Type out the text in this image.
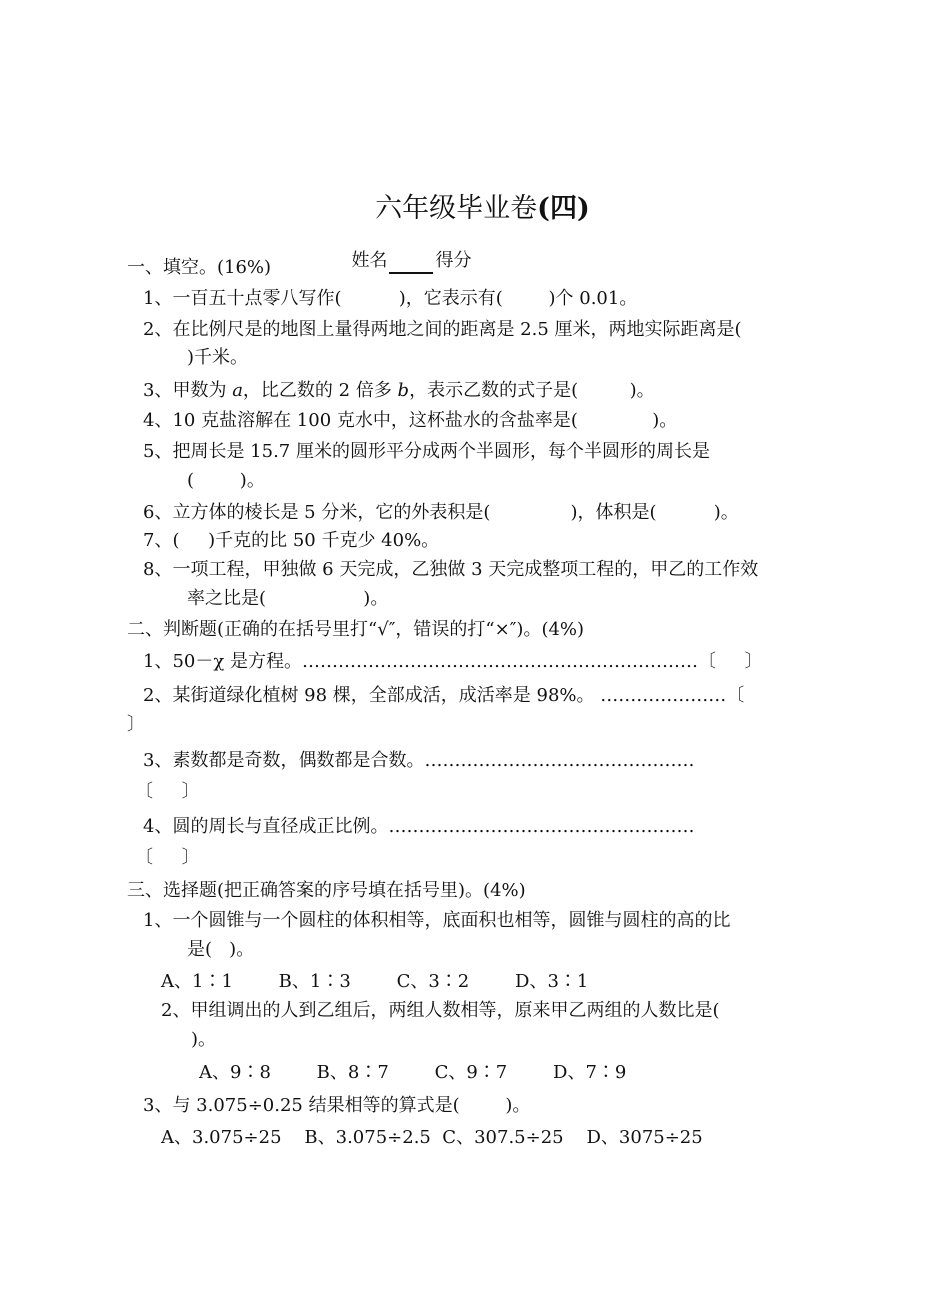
六年级毕业卷(四)

姓名	得分

一、填空。(16%)
1、一百五十点零八写作(          )，它表示有(        )个 0.01。
2、在比例尺是的地图上量得两地之间的距离是 2.5 厘米，两地实际距离是(
)千米。
3、甲数为 a，比乙数的 2 倍多 b，表示乙数的式子是(         )。
4、10 克盐溶解在 100 克水中，这杯盐水的含盐率是(             )。
5、把周长是 15.7 厘米的圆形平分成两个半圆形，每个半圆形的周长是
(        )。
6、立方体的棱长是 5 分米，它的外表积是(              )，体积是(          )。
7、(     )千克的比 50 千克少 40%。
8、一项工程，甲独做 6 天完成，乙独做 3 天完成整项工程的，甲乙的工作效
率之比是(                 )。
二、判断题(正确的在括号里打“√″，错误的打“×″)。(4%)
1、50－χ 是方程。…………………………………………………………〔     〕
2、某街道绿化植树 98 棵，全部成活，成活率是 98%。 …………………〔
〕
3、素数都是奇数，偶数都是合数。………………………………………
〔     〕
4、圆的周长与直径成正比例。……………………………………………
〔     〕
三、选择题(把正确答案的序号填在括号里)。(4%)
1、一个圆锥与一个圆柱的体积相等，底面积也相等，圆锥与圆柱的高的比
是(   )。
A、1∶1        B、1∶3        C、3∶2        D、3∶1
2、甲组调出的人到乙组后，两组人数相等，原来甲乙两组的人数比是(
)。
A、9∶8        B、8∶7        C、9∶7        D、7∶9
3、与 3.075÷0.25 结果相等的算式是(        )。
A、3.075÷25    B、3.075÷2.5  C、307.5÷25    D、3075÷25
